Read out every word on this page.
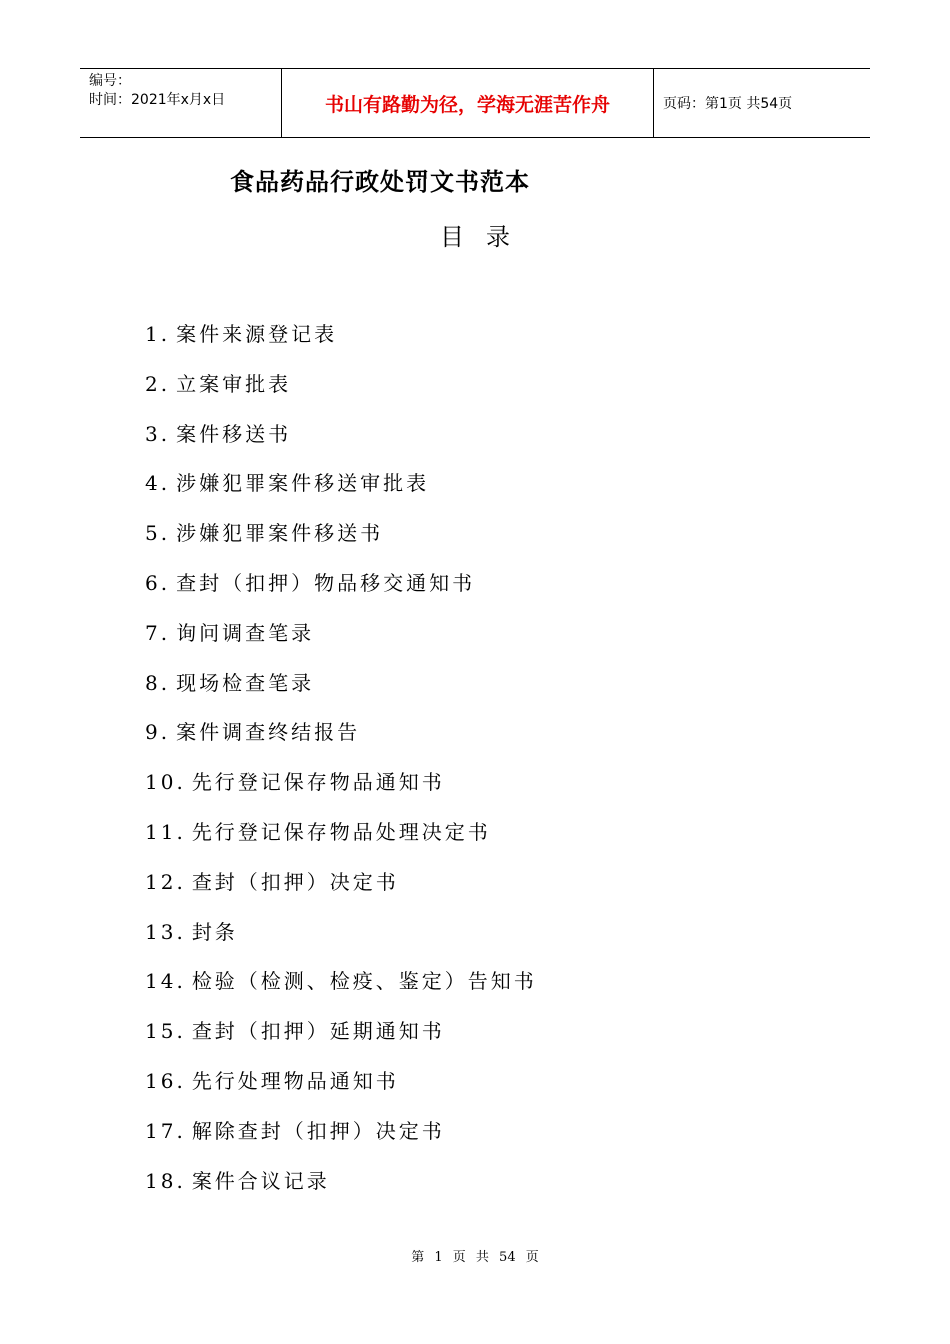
编号：
时间：2021年x月x日	书山有路勤为径，学海无涯苦作舟	页码：第1页 共54页
食品药品行政处罚文书范本
目录
1. 案件来源登记表
2. 立案审批表
3. 案件移送书
4. 涉嫌犯罪案件移送审批表
5. 涉嫌犯罪案件移送书
6. 查封（扣押）物品移交通知书
7. 询问调查笔录
8. 现场检查笔录
9. 案件调查终结报告
10. 先行登记保存物品通知书
11. 先行登记保存物品处理决定书
12. 查封（扣押）决定书
13. 封条
14. 检验（检测、检疫、鉴定）告知书
15. 查封（扣押）延期通知书
16. 先行处理物品通知书
17. 解除查封（扣押）决定书
18. 案件合议记录
第 1 页 共 54 页
